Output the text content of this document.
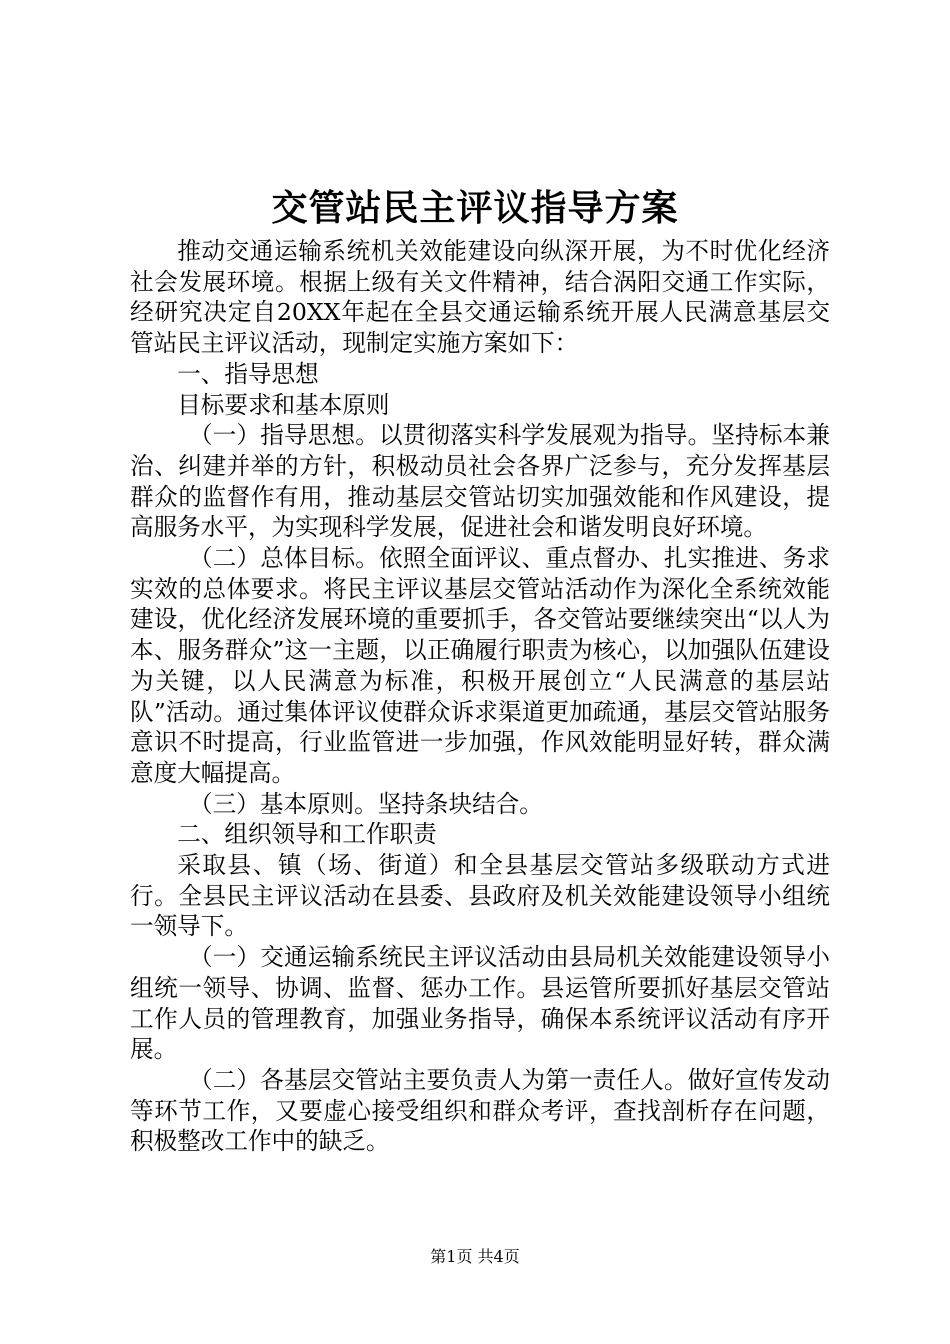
交管站民主评议指导方案

推动交通运输系统机关效能建设向纵深开展，为不时优化经济社会发展环境。根据上级有关文件精神，结合涡阳交通工作实际，经研究决定自20XX年起在全县交通运输系统开展人民满意基层交管站民主评议活动，现制定实施方案如下：

一、指导思想

目标要求和基本原则

（一）指导思想。以贯彻落实科学发展观为指导。坚持标本兼治、纠建并举的方针，积极动员社会各界广泛参与，充分发挥基层群众的监督作有用，推动基层交管站切实加强效能和作风建设，提高服务水平，为实现科学发展，促进社会和谐发明良好环境。

（二）总体目标。依照全面评议、重点督办、扎实推进、务求实效的总体要求。将民主评议基层交管站活动作为深化全系统效能建设，优化经济发展环境的重要抓手，各交管站要继续突出“以人为本、服务群众”这一主题，以正确履行职责为核心，以加强队伍建设为关键，以人民满意为标准，积极开展创立“人民满意的基层站队”活动。通过集体评议使群众诉求渠道更加疏通，基层交管站服务意识不时提高，行业监管进一步加强，作风效能明显好转，群众满意度大幅提高。

（三）基本原则。坚持条块结合。

二、组织领导和工作职责

采取县、镇（场、街道）和全县基层交管站多级联动方式进行。全县民主评议活动在县委、县政府及机关效能建设领导小组统一领导下。

（一）交通运输系统民主评议活动由县局机关效能建设领导小组统一领导、协调、监督、惩办工作。县运管所要抓好基层交管站工作人员的管理教育，加强业务指导，确保本系统评议活动有序开展。

（二）各基层交管站主要负责人为第一责任人。做好宣传发动等环节工作，又要虚心接受组织和群众考评，查找剖析存在问题，积极整改工作中的缺乏。

第1页 共4页
